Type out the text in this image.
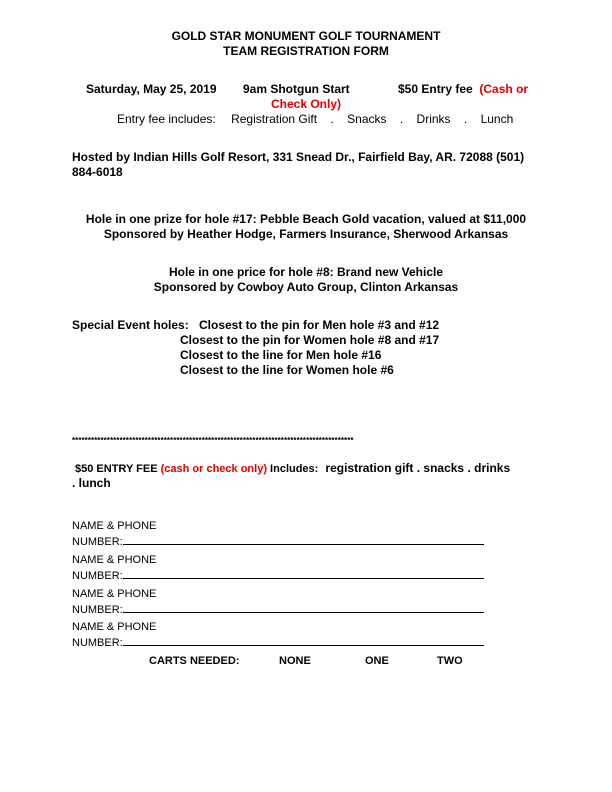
GOLD STAR MONUMENT GOLF TOURNAMENT
TEAM REGISTRATION FORM
Saturday, May 25, 2019 9am Shotgun Start	$50 Entry fee (Cash or
Check Only)
Entry fee includes: Registration Gift . Snacks . Drinks . Lunch
Hosted by Indian Hills Golf Resort, 331 Snead Dr., Fairfield Bay, AR. 72088 (501)
884-6018
Hole in one prize for hole #17: Pebble Beach Gold vacation, valued at $11,000
Sponsored by Heather Hodge, Farmers Insurance, Sherwood Arkansas
Hole in one price for hole #8: Brand new Vehicle
Sponsored by Cowboy Auto Group, Clinton Arkansas
Special Event holes: Closest to the pin for Men hole #3 and #12
Closest to the pin for Women hole #8 and #17
Closest to the line for Men hole #16
Closest to the line for Women hole #6
*****************************************************************************************
$50 ENTRY FEE (cash or check only) Includes: registration gift . snacks . drinks
. lunch
NAME & PHONE
NUMBER:
NAME & PHONE
NUMBER:
NAME & PHONE
NUMBER:
NAME & PHONE
NUMBER:
CARTS NEEDED:	NONE	ONE	TWO
